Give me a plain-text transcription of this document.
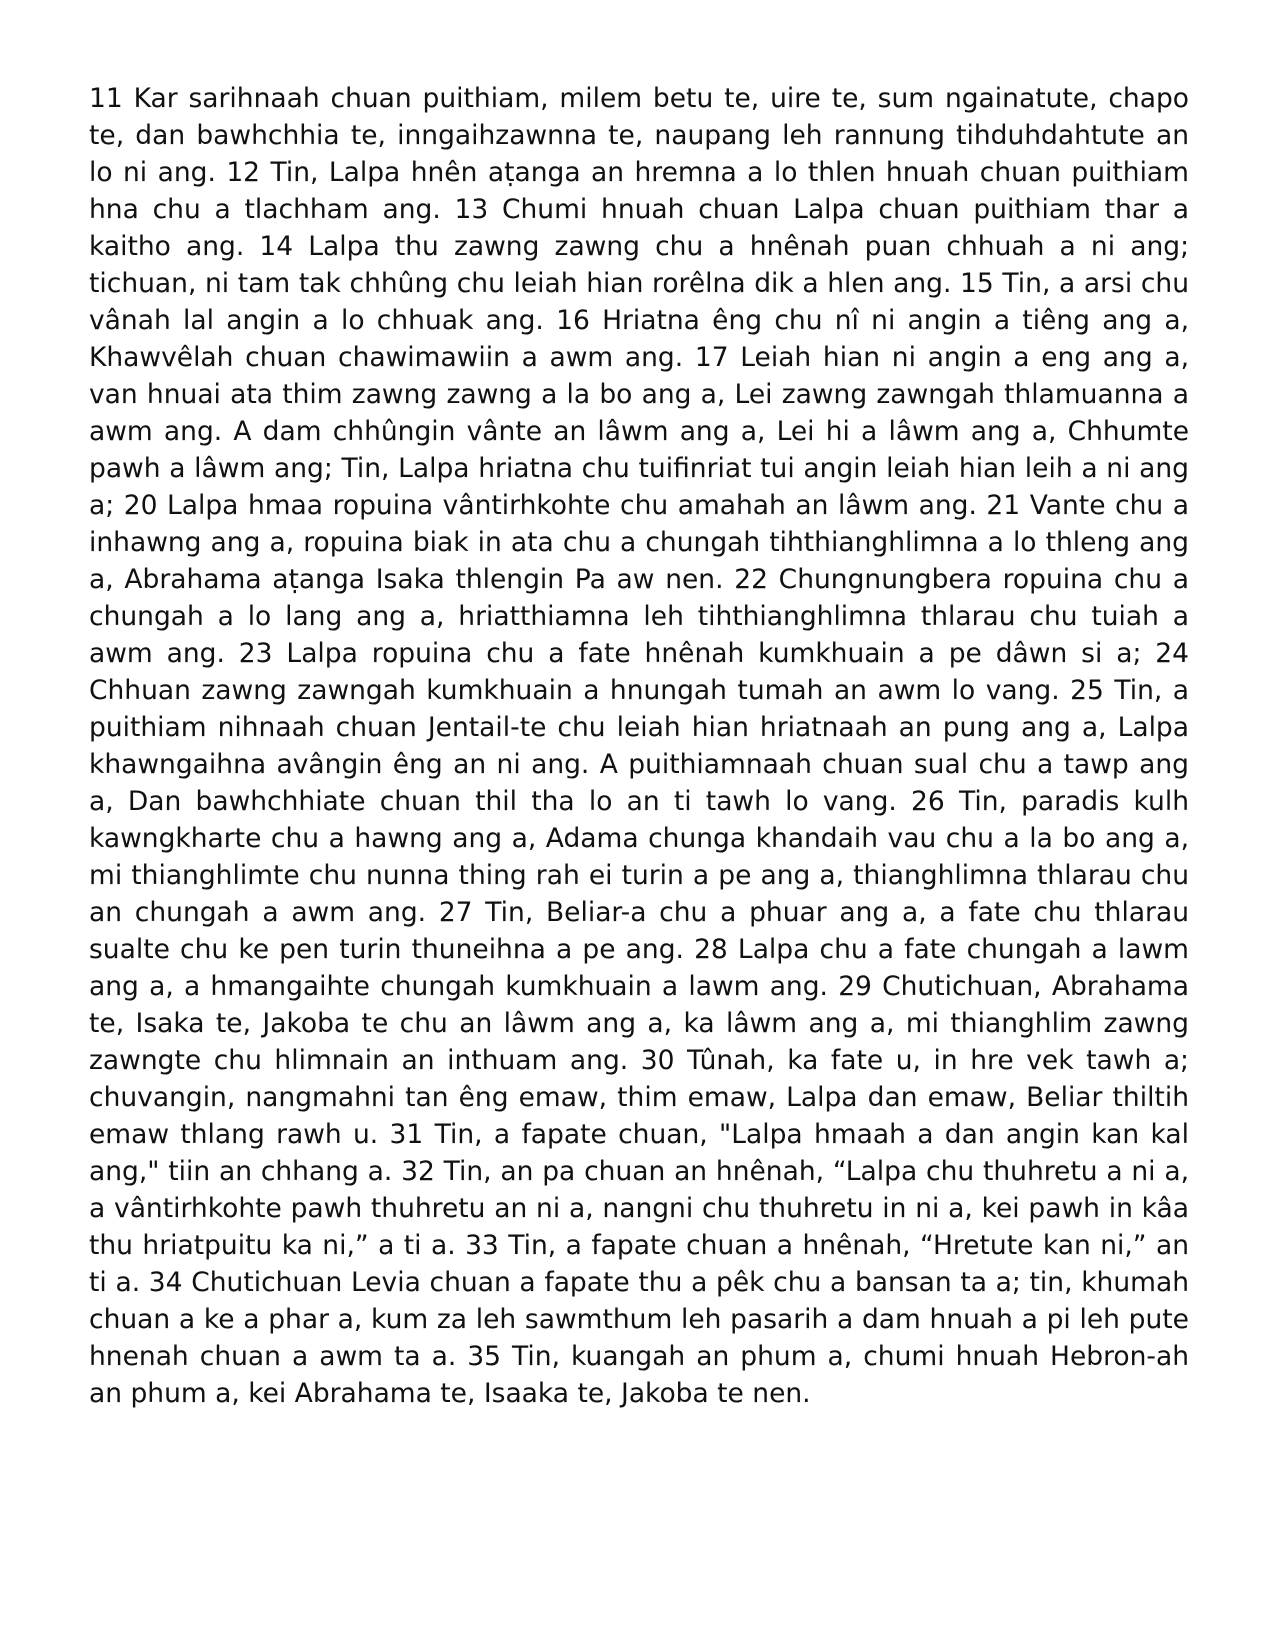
11 Kar sarihnaah chuan puithiam, milem betu te, uire te, sum ngainatute, chapo te, dan bawhchhia te, inngaihzawnna te, naupang leh rannung tihduhdahtute an lo ni ang. 12 Tin, Lalpa hnên aṭanga an hremna a lo thlen hnuah chuan puithiam hna chu a tlachham ang. 13 Chumi hnuah chuan Lalpa chuan puithiam thar a kaitho ang. 14 Lalpa thu zawng zawng chu a hnênah puan chhuah a ni ang; tichuan, ni tam tak chhûng chu leiah hian rorêlna dik a hlen ang. 15 Tin, a arsi chu vânah lal angin a lo chhuak ang. 16 Hriatna êng chu nî ni angin a tiêng ang a, Khawvêlah chuan chawimawiin a awm ang. 17 Leiah hian ni angin a eng ang a, van hnuai ata thim zawng zawng a la bo ang a, Lei zawng zawngah thlamuanna a awm ang. A dam chhûngin vânte an lâwm ang a, Lei hi a lâwm ang a, Chhumte pawh a lâwm ang; Tin, Lalpa hriatna chu tuifinriat tui angin leiah hian leih a ni ang a; 20 Lalpa hmaa ropuina vântirhkohte chu amahah an lâwm ang. 21 Vante chu a inhawng ang a, ropuina biak in ata chu a chungah tihthianghlimna a lo thleng ang a, Abrahama aṭanga Isaka thlengin Pa aw nen. 22 Chungnungbera ropuina chu a chungah a lo lang ang a, hriatthiamna leh tihthianghlimna thlarau chu tuiah a awm ang. 23 Lalpa ropuina chu a fate hnênah kumkhuain a pe dâwn si a; 24 Chhuan zawng zawngah kumkhuain a hnungah tumah an awm lo vang. 25 Tin, a puithiam nihnaah chuan Jentail-te chu leiah hian hriatnaah an pung ang a, Lalpa khawngaihna avângin êng an ni ang. A puithiamnaah chuan sual chu a tawp ang a, Dan bawhchhiate chuan thil tha lo an ti tawh lo vang. 26 Tin, paradis kulh kawngkharte chu a hawng ang a, Adama chunga khandaih vau chu a la bo ang a, mi thianghlimte chu nunna thing rah ei turin a pe ang a, thianghlimna thlarau chu an chungah a awm ang. 27 Tin, Beliar-a chu a phuar ang a, a fate chu thlarau sualte chu ke pen turin thuneihna a pe ang. 28 Lalpa chu a fate chungah a lawm ang a, a hmangaihte chungah kumkhuain a lawm ang. 29 Chutichuan, Abrahama te, Isaka te, Jakoba te chu an lâwm ang a, ka lâwm ang a, mi thianghlim zawng zawngte chu hlimnain an inthuam ang. 30 Tûnah, ka fate u, in hre vek tawh a; chuvangin, nangmahni tan êng emaw, thim emaw, Lalpa dan emaw, Beliar thiltih emaw thlang rawh u. 31 Tin, a fapate chuan, "Lalpa hmaah a dan angin kan kal ang," tiin an chhang a. 32 Tin, an pa chuan an hnênah, “Lalpa chu thuhretu a ni a, a vântirhkohte pawh thuhretu an ni a, nangni chu thuhretu in ni a, kei pawh in kâa thu hriatpuitu ka ni,” a ti a. 33 Tin, a fapate chuan a hnênah, “Hretute kan ni,” an ti a. 34 Chutichuan Levia chuan a fapate thu a pêk chu a bansan ta a; tin, khumah chuan a ke a phar a, kum za leh sawmthum leh pasarih a dam hnuah a pi leh pute hnenah chuan a awm ta a. 35 Tin, kuangah an phum a, chumi hnuah Hebron-ah an phum a, kei Abrahama te, Isaaka te, Jakoba te nen.
